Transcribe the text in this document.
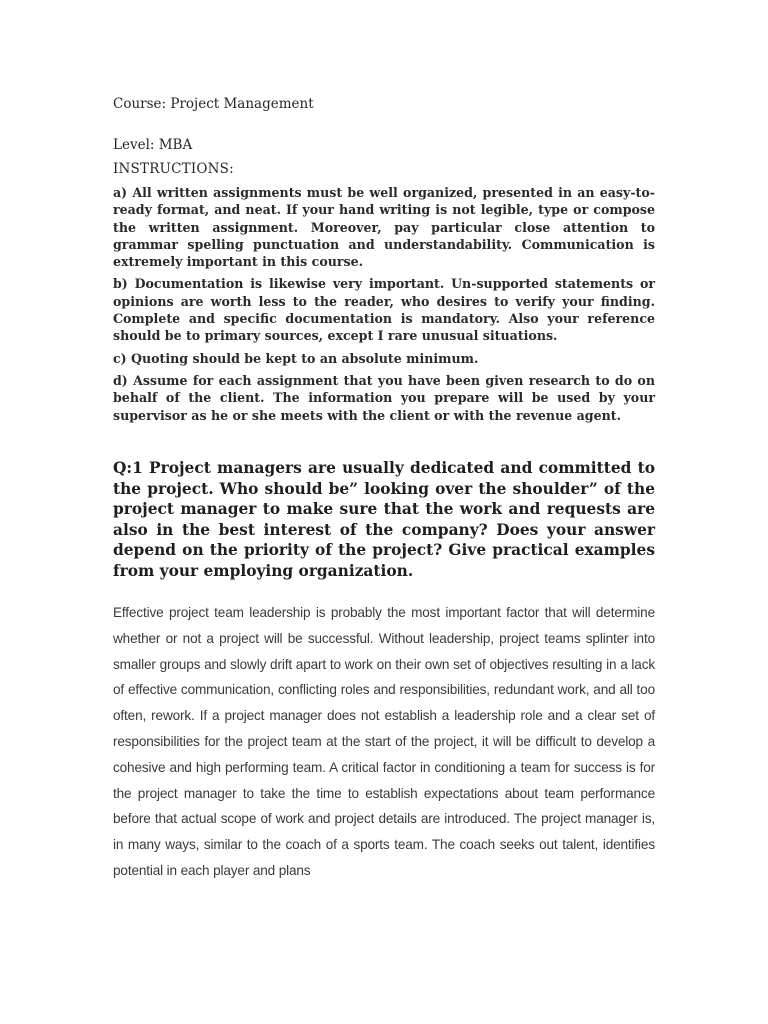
Course: Project Management
Level: MBA
INSTRUCTIONS:

a) All written assignments must be well organized, presented in an easy-to-ready format, and neat. If your hand writing is not legible, type or compose the written assignment. Moreover, pay particular close attention to grammar spelling punctuation and understandability. Communication is extremely important in this course.

b) Documentation is likewise very important. Un-supported statements or opinions are worth less to the reader, who desires to verify your finding. Complete and specific documentation is mandatory. Also your reference should be to primary sources, except I rare unusual situations.

c) Quoting should be kept to an absolute minimum.

d) Assume for each assignment that you have been given research to do on behalf of the client. The information you prepare will be used by your supervisor as he or she meets with the client or with the revenue agent.

Q:1 Project managers are usually dedicated and committed to the project. Who should be” looking over the shoulder” of the project manager to make sure that the work and requests are also in the best interest of the company? Does your answer depend on the priority of the project? Give practical examples from your employing organization.
Effective project team leadership is probably the most important factor that will determine whether or not a project will be successful. Without leadership, project teams splinter into smaller groups and slowly drift apart to work on their own set of objectives resulting in a lack of effective communication, conflicting roles and responsibilities, redundant work, and all too often, rework. If a project manager does not establish a leadership role and a clear set of responsibilities for the project team at the start of the project, it will be difficult to develop a cohesive and high performing team. A critical factor in conditioning a team for success is for the project manager to take the time to establish expectations about team performance before that actual scope of work and project details are introduced. The project manager is, in many ways, similar to the coach of a sports team. The coach seeks out talent, identifies potential in each player and plans
